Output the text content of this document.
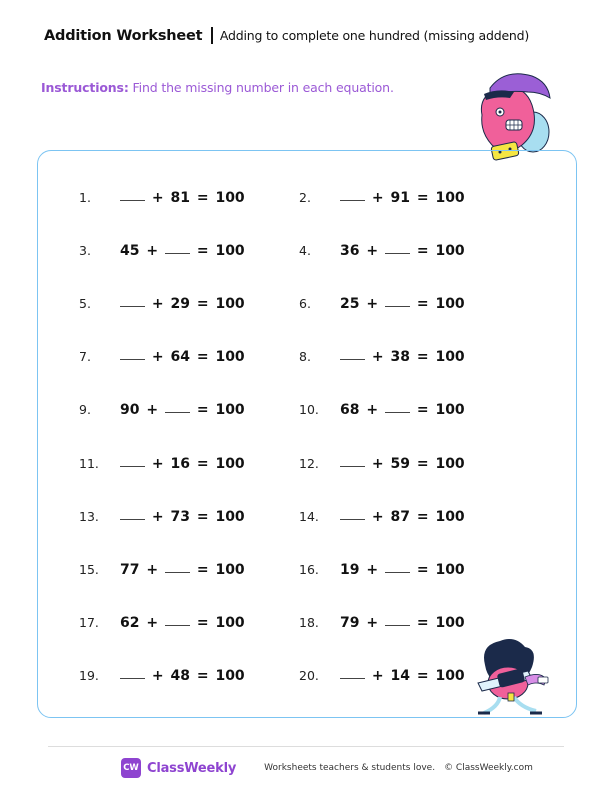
Addition Worksheet Adding to complete one hundred (missing addend)
Instructions: Find the missing number in each equation.
1.
	+
81
=
100	2.
	+
91
=
100
3.	45
+

	=
100	4.	36
+

	=
100
5.
	+
29
=
100	6.	25
+

	=
100
7.
	+
64
=
100	8.
	+
38
=
100
9.	90
+

	=
100	10.	68
+

	=
100
11.
	+
16
=
100	12.
	+
59
=
100
13.
	+
73
=
100	14.
	+
87
=
100
15.	77
+

	=
100	16.	19
+

	=
100
17.	62
+

	=
100	18.	79
+

	=
100
19.
	+
48
=
100	20.
	+
14
=
100
CW ClassWeekly	Worksheets teachers & students love. © ClassWeekly.com
